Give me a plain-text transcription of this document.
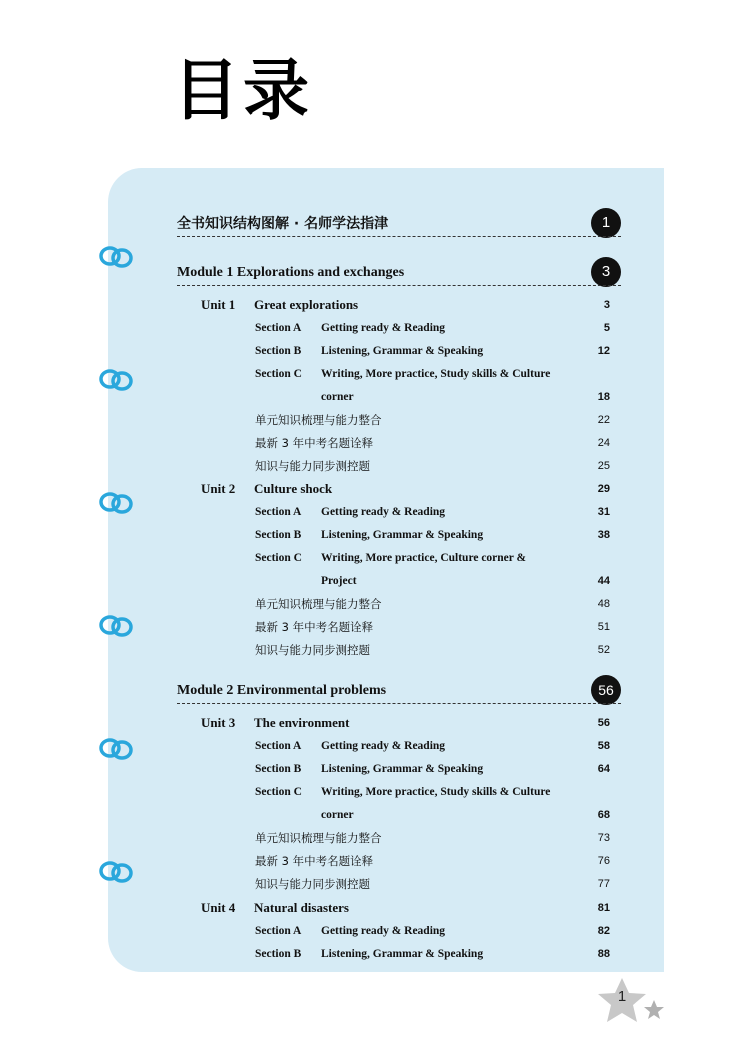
目录
全书知识结构图解 · 名师学法指津	1
Module 1 Explorations and exchanges	3
Unit 1 Great explorations	3
Section A Getting ready & Reading	5
Section B Listening, Grammar & Speaking	12
Section C Writing, More practice, Study skills & Culture
corner	18
单元知识梳理与能力整合	22
最新 3 年中考名题诠释	24
知识与能力同步测控题	25
Unit 2 Culture shock	29
Section A Getting ready & Reading	31
Section B Listening, Grammar & Speaking	38
Section C Writing, More practice, Culture corner &
Project	44
单元知识梳理与能力整合	48
最新 3 年中考名题诠释	51
知识与能力同步测控题	52
Module 2 Environmental problems	56
Unit 3 The environment	56
Section A Getting ready & Reading	58
Section B Listening, Grammar & Speaking	64
Section C Writing, More practice, Study skills & Culture
corner	68
单元知识梳理与能力整合	73
最新 3 年中考名题诠释	76
知识与能力同步测控题	77
Unit 4 Natural disasters	81
Section A Getting ready & Reading	82
Section B Listening, Grammar & Speaking	88
1
